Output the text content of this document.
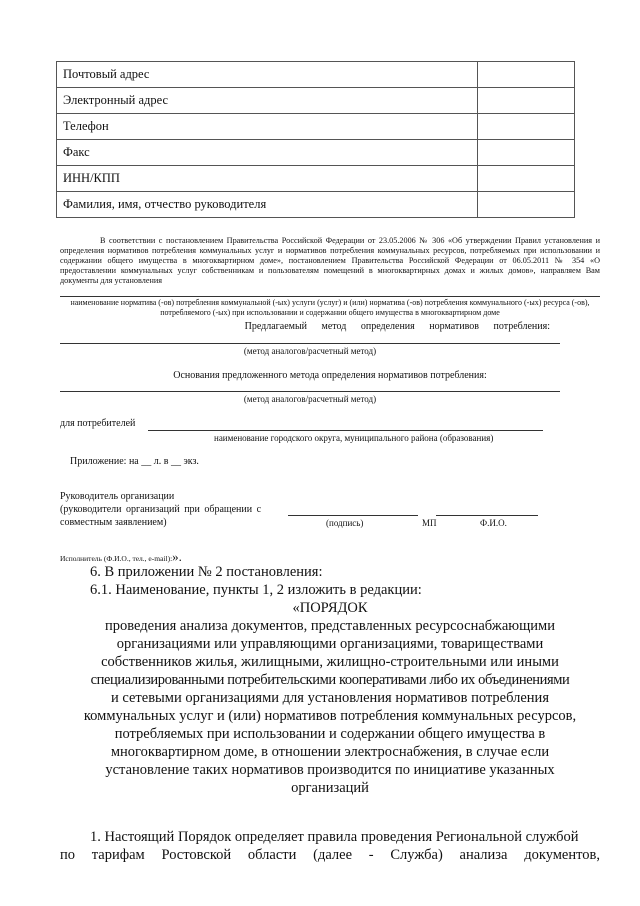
Почтовый адрес	
Электронный адрес	
Телефон	
Факс	
ИНН/КПП	
Фамилия, имя, отчество руководителя	
В соответствии с постановлением Правительства Российской Федерации от 23.05.2006 № 306 «Об утверждении Правил установления и определения нормативов потребления коммунальных услуг и нормативов потребления коммунальных ресурсов, потребляемых при использовании и содержании общего имущества в многоквартирном доме», постановлением Правительства Российской Федерации от 06.05.2011 № 354 «О предоставлении коммунальных услуг собственникам и пользователям помещений в многоквартирных домах и жилых домов», направляем Вам документы для установления
наименование норматива (-ов) потребления коммунальной (-ых) услуги (услуг) и (или) норматива (-ов) потребления коммунального (-ых) ресурса (-ов), потребляемого (-ых) при использовании и содержании общего имущества в многоквартирном доме
Предлагаемый метод определения нормативов потребления:
(метод аналогов/расчетный метод)
Основания предложенного метода определения нормативов потребления:
(метод аналогов/расчетный метод)
для потребителей
наименование городского округа, муниципального района (образования)
Приложение: на __ л. в __ экз.
Руководитель организации
(руководители организаций при обращении с
совместным заявлением)	(подпись)	МП	Ф.И.О.
Исполнитель (Ф.И.О., тел., e-mail):».
6. В приложении № 2 постановления:
6.1. Наименование, пункты 1, 2 изложить в редакции:
«ПОРЯДОК
проведения анализа документов, представленных ресурсоснабжающими
организациями или управляющими организациями, товариществами
собственников жилья, жилищными, жилищно-строительными или иными
специализированными потребительскими кооперативами либо их объединениями
и сетевыми организациями для установления нормативов потребления
коммунальных услуг и (или) нормативов потребления коммунальных ресурсов,
потребляемых при использовании и содержании общего имущества в
многоквартирном доме, в отношении электроснабжения, в случае если
установление таких нормативов производится по инициативе указанных
организаций
1. Настоящий Порядок определяет правила проведения Региональной службой
по тарифам Ростовской области (далее - Служба) анализа документов,
